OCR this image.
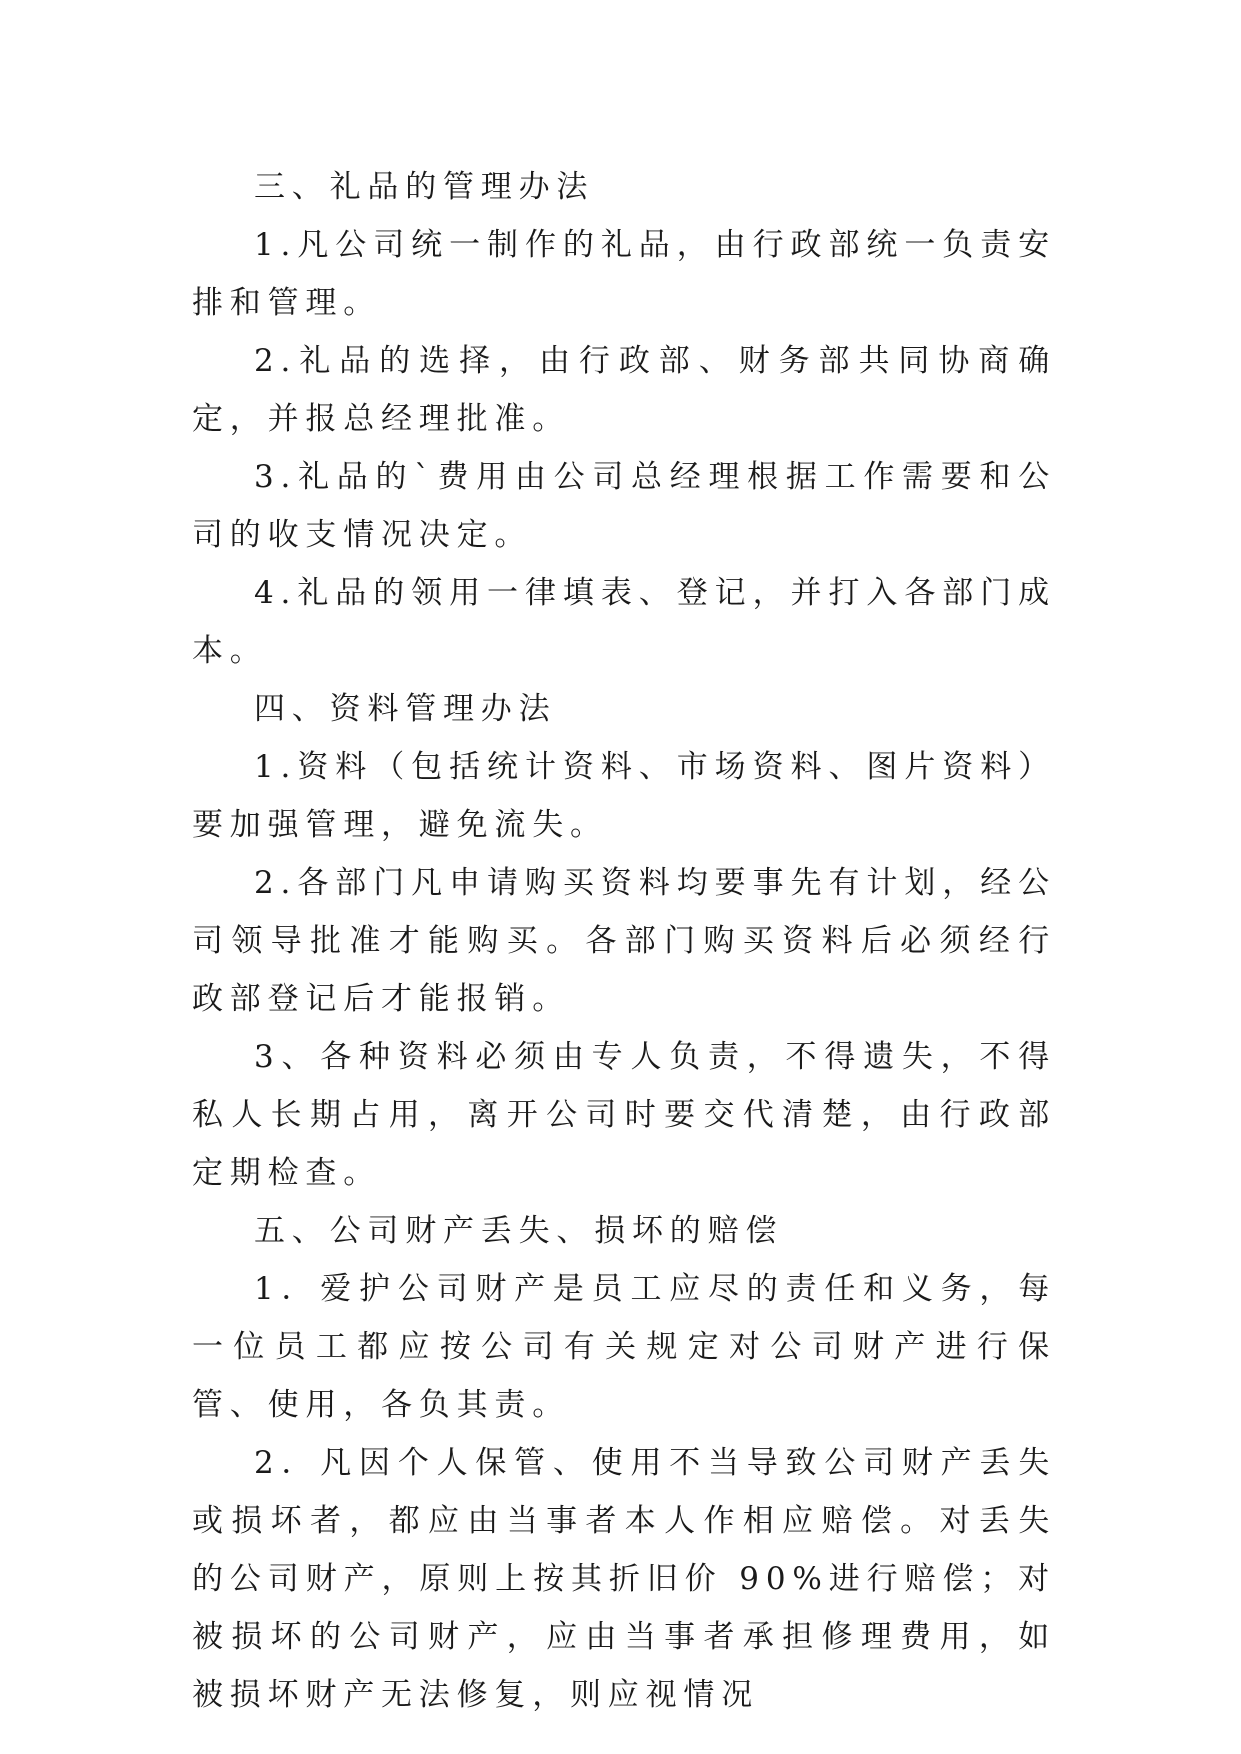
三、礼品的管理办法

1.凡公司统一制作的礼品，由行政部统一负责安排和管理。

2.礼品的选择，由行政部、财务部共同协商确定，并报总经理批准。

3.礼品的`费用由公司总经理根据工作需要和公司的收支情况决定。

4.礼品的领用一律填表、登记，并打入各部门成本。

四、资料管理办法

1.资料（包括统计资料、市场资料、图片资料）要加强管理，避免流失。

2.各部门凡申请购买资料均要事先有计划，经公司领导批准才能购买。各部门购买资料后必须经行政部登记后才能报销。

3、各种资料必须由专人负责，不得遗失，不得私人长期占用，离开公司时要交代清楚，由行政部定期检查。

五、公司财产丢失、损坏的赔偿

1．爱护公司财产是员工应尽的责任和义务，每一位员工都应按公司有关规定对公司财产进行保管、使用，各负其责。

2．凡因个人保管、使用不当导致公司财产丢失或损坏者，都应由当事者本人作相应赔偿。对丢失的公司财产，原则上按其折旧价 90%进行赔偿；对被损坏的公司财产，应由当事者承担修理费用，如被损坏财产无法修复，则应视情况
